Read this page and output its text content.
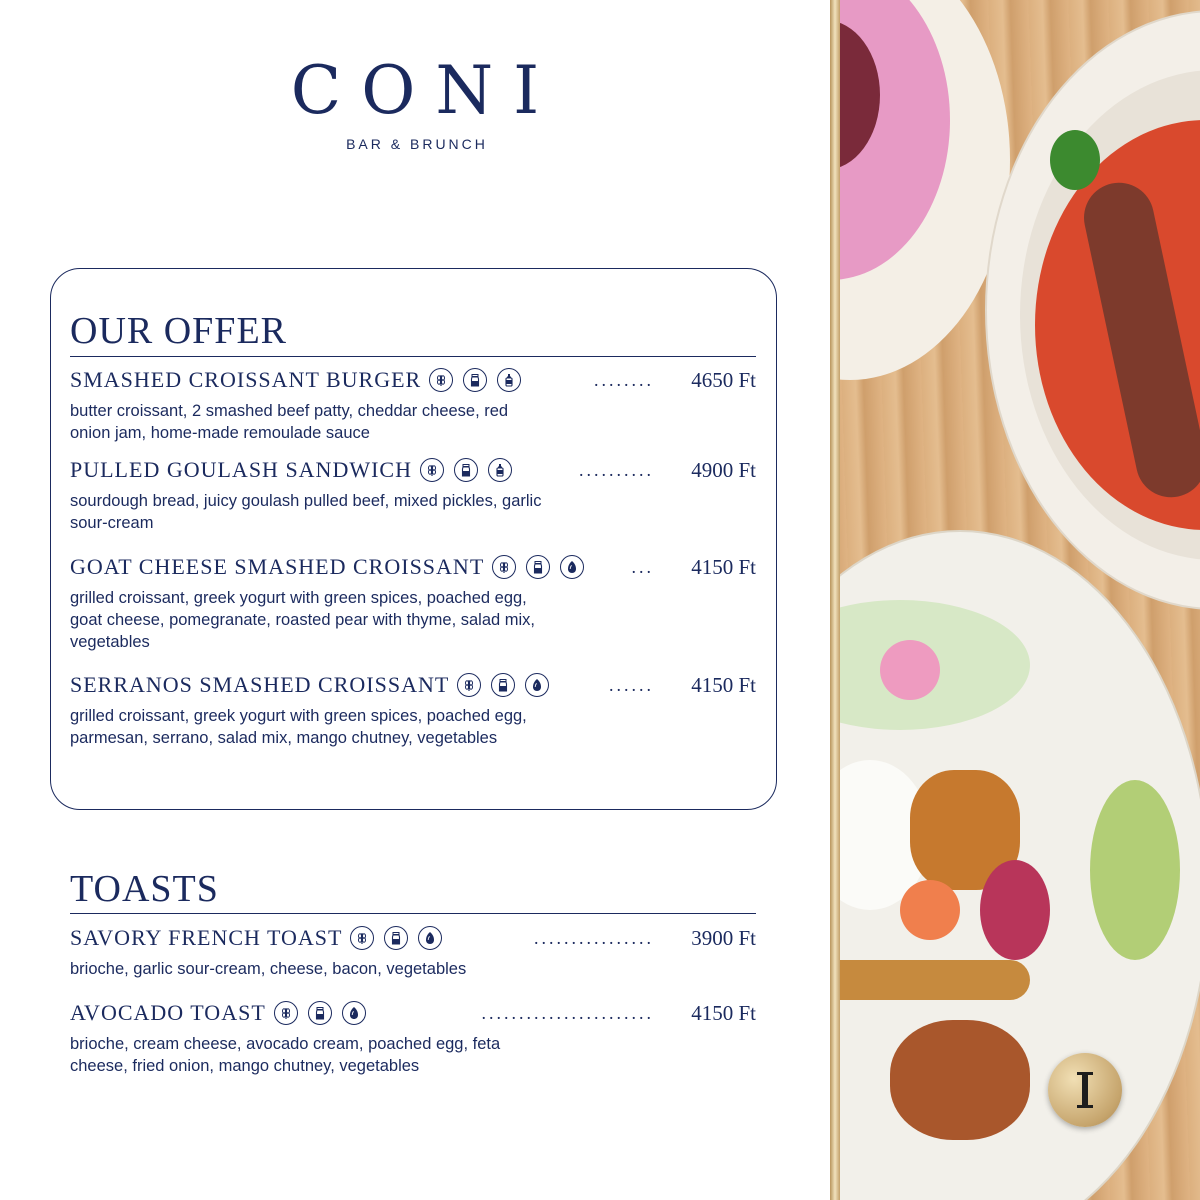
CONI
BAR & BRUNCH
OUR OFFER
SMASHED CROISSANT BURGER	........	4650 Ft
butter croissant, 2 smashed beef patty, cheddar cheese, red onion jam, home-made remoulade sauce
PULLED GOULASH SANDWICH	..........	4900 Ft
sourdough bread, juicy goulash pulled beef, mixed pickles, garlic sour-cream
GOAT CHEESE SMASHED CROISSANT	...	4150 Ft
grilled croissant, greek yogurt with green spices, poached egg, goat cheese, pomegranate, roasted pear with thyme, salad mix, vegetables
SERRANOS SMASHED CROISSANT	......	4150 Ft
grilled croissant, greek yogurt with green spices, poached egg, parmesan, serrano, salad mix, mango chutney, vegetables
TOASTS
SAVORY FRENCH TOAST	................	3900 Ft
brioche, garlic sour-cream, cheese, bacon, vegetables
AVOCADO TOAST	.......................	4150 Ft
brioche, cream cheese, avocado cream, poached egg, feta cheese, fried onion, mango chutney, vegetables
